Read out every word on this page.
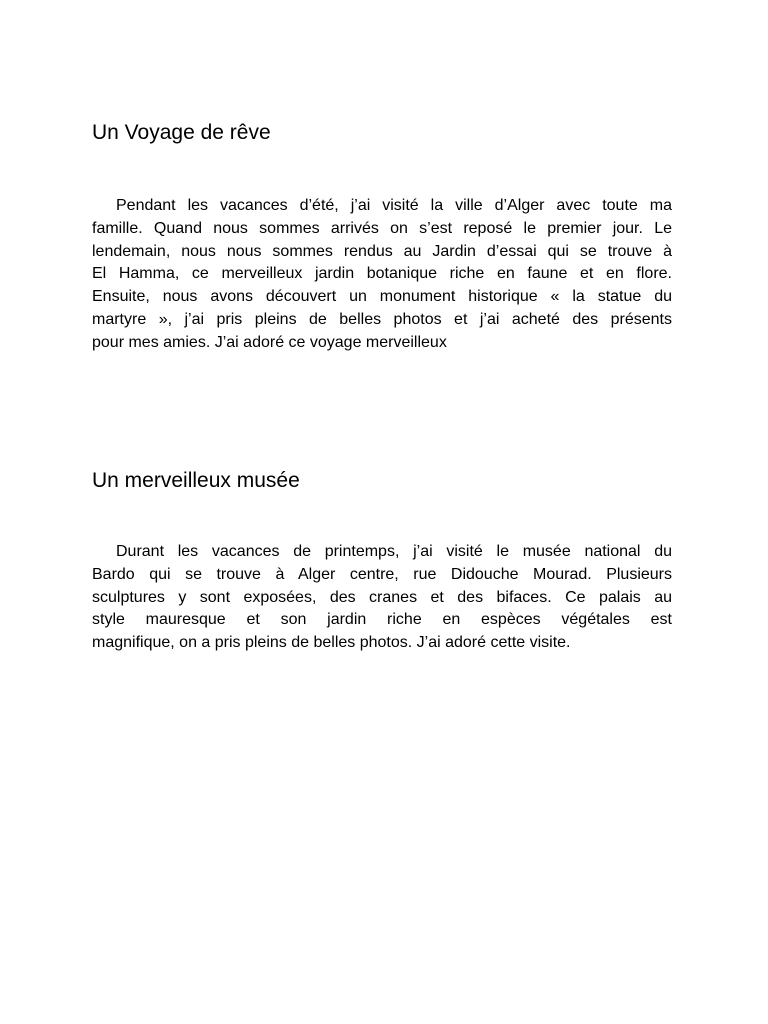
Un Voyage de rêve
Pendant les vacances d’été, j’ai visité la ville d’Alger avec toute ma
famille. Quand nous sommes arrivés on s’est reposé le premier jour. Le
lendemain, nous nous sommes rendus au Jardin d’essai qui se trouve à
El Hamma, ce merveilleux jardin botanique riche en faune et en flore.
Ensuite, nous avons découvert un monument historique « la statue du
martyre », j’ai pris pleins de belles photos et j’ai acheté des présents
pour mes amies. J’ai adoré ce voyage merveilleux
Un merveilleux musée
Durant les vacances de printemps, j’ai visité le musée national du
Bardo qui se trouve à Alger centre, rue Didouche Mourad. Plusieurs
sculptures y sont exposées, des cranes et des bifaces. Ce palais au
style mauresque et son jardin riche en espèces végétales est
magnifique, on a pris pleins de belles photos. J’ai adoré cette visite.
